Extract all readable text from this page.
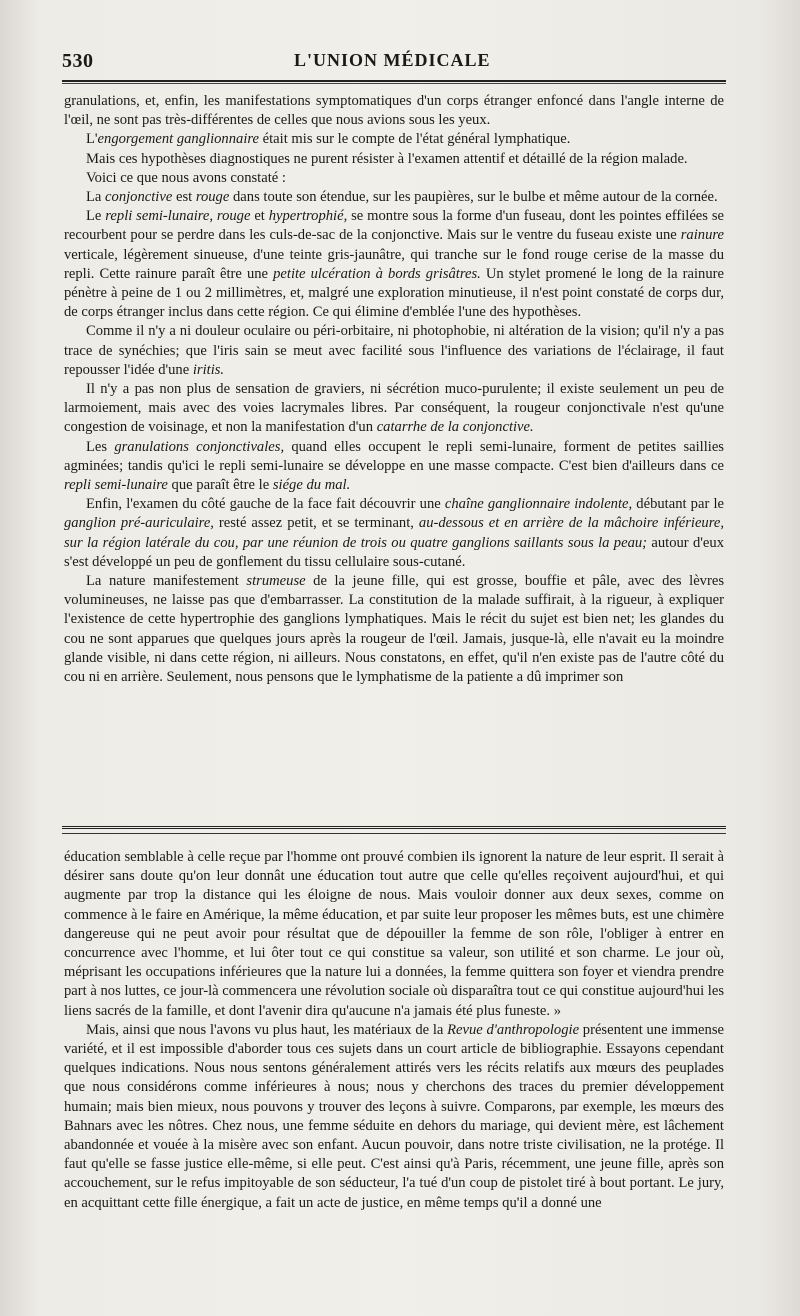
530	L'UNION MÉDICALE

granulations, et, enfin, les manifestations symptomatiques d'un corps étranger enfoncé dans l'angle interne de l'œil, ne sont pas très-différentes de celles que nous avions sous les yeux.

L'engorgement ganglionnaire était mis sur le compte de l'état général lymphatique.

Mais ces hypothèses diagnostiques ne purent résister à l'examen attentif et détaillé de la région malade.

Voici ce que nous avons constaté :

La conjonctive est rouge dans toute son étendue, sur les paupières, sur le bulbe et même autour de la cornée.

Le repli semi-lunaire, rouge et hypertrophié, se montre sous la forme d'un fuseau, dont les pointes effilées se recourbent pour se perdre dans les culs-de-sac de la conjonctive. Mais sur le ventre du fuseau existe une rainure verticale, légèrement sinueuse, d'une teinte gris-jaunâtre, qui tranche sur le fond rouge cerise de la masse du repli. Cette rainure paraît être une petite ulcération à bords grisâtres. Un stylet promené le long de la rainure pénètre à peine de 1 ou 2 millimètres, et, malgré une exploration minutieuse, il n'est point constaté de corps dur, de corps étranger inclus dans cette région. Ce qui élimine d'emblée l'une des hypothèses.

Comme il n'y a ni douleur oculaire ou péri-orbitaire, ni photophobie, ni altération de la vision; qu'il n'y a pas trace de synéchies; que l'iris sain se meut avec facilité sous l'influence des variations de l'éclairage, il faut repousser l'idée d'une iritis.

Il n'y a pas non plus de sensation de graviers, ni sécrétion muco-purulente; il existe seulement un peu de larmoiement, mais avec des voies lacrymales libres. Par conséquent, la rougeur conjonctivale n'est qu'une congestion de voisinage, et non la manifestation d'un catarrhe de la conjonctive.

Les granulations conjonctivales, quand elles occupent le repli semi-lunaire, forment de petites saillies agminées; tandis qu'ici le repli semi-lunaire se développe en une masse compacte. C'est bien d'ailleurs dans ce repli semi-lunaire que paraît être le siége du mal.

Enfin, l'examen du côté gauche de la face fait découvrir une chaîne ganglionnaire indolente, débutant par le ganglion pré-auriculaire, resté assez petit, et se terminant, au-dessous et en arrière de la mâchoire inférieure, sur la région latérale du cou, par une réunion de trois ou quatre ganglions saillants sous la peau; autour d'eux s'est développé un peu de gonflement du tissu cellulaire sous-cutané.

La nature manifestement strumeuse de la jeune fille, qui est grosse, bouffie et pâle, avec des lèvres volumineuses, ne laisse pas que d'embarrasser. La constitution de la malade suffirait, à la rigueur, à expliquer l'existence de cette hypertrophie des ganglions lymphatiques. Mais le récit du sujet est bien net; les glandes du cou ne sont apparues que quelques jours après la rougeur de l'œil. Jamais, jusque-là, elle n'avait eu la moindre glande visible, ni dans cette région, ni ailleurs. Nous constatons, en effet, qu'il n'en existe pas de l'autre côté du cou ni en arrière. Seulement, nous pensons que le lymphatisme de la patiente a dû imprimer son

éducation semblable à celle reçue par l'homme ont prouvé combien ils ignorent la nature de leur esprit. Il serait à désirer sans doute qu'on leur donnât une éducation tout autre que celle qu'elles reçoivent aujourd'hui, et qui augmente par trop la distance qui les éloigne de nous. Mais vouloir donner aux deux sexes, comme on commence à le faire en Amérique, la même éducation, et par suite leur proposer les mêmes buts, est une chimère dangereuse qui ne peut avoir pour résultat que de dépouiller la femme de son rôle, l'obliger à entrer en concurrence avec l'homme, et lui ôter tout ce qui constitue sa valeur, son utilité et son charme. Le jour où, méprisant les occupations inférieures que la nature lui a données, la femme quittera son foyer et viendra prendre part à nos luttes, ce jour-là commencera une révolution sociale où disparaîtra tout ce qui constitue aujourd'hui les liens sacrés de la famille, et dont l'avenir dira qu'aucune n'a jamais été plus funeste. »

Mais, ainsi que nous l'avons vu plus haut, les matériaux de la Revue d'anthropologie présentent une immense variété, et il est impossible d'aborder tous ces sujets dans un court article de bibliographie. Essayons cependant quelques indications. Nous nous sentons généralement attirés vers les récits relatifs aux mœurs des peuplades que nous considérons comme inférieures à nous; nous y cherchons des traces du premier développement humain; mais bien mieux, nous pouvons y trouver des leçons à suivre. Comparons, par exemple, les mœurs des Bahnars avec les nôtres. Chez nous, une femme séduite en dehors du mariage, qui devient mère, est lâchement abandonnée et vouée à la misère avec son enfant. Aucun pouvoir, dans notre triste civilisation, ne la protége. Il faut qu'elle se fasse justice elle-même, si elle peut. C'est ainsi qu'à Paris, récemment, une jeune fille, après son accouchement, sur le refus impitoyable de son séducteur, l'a tué d'un coup de pistolet tiré à bout portant. Le jury, en acquittant cette fille énergique, a fait un acte de justice, en même temps qu'il a donné une
